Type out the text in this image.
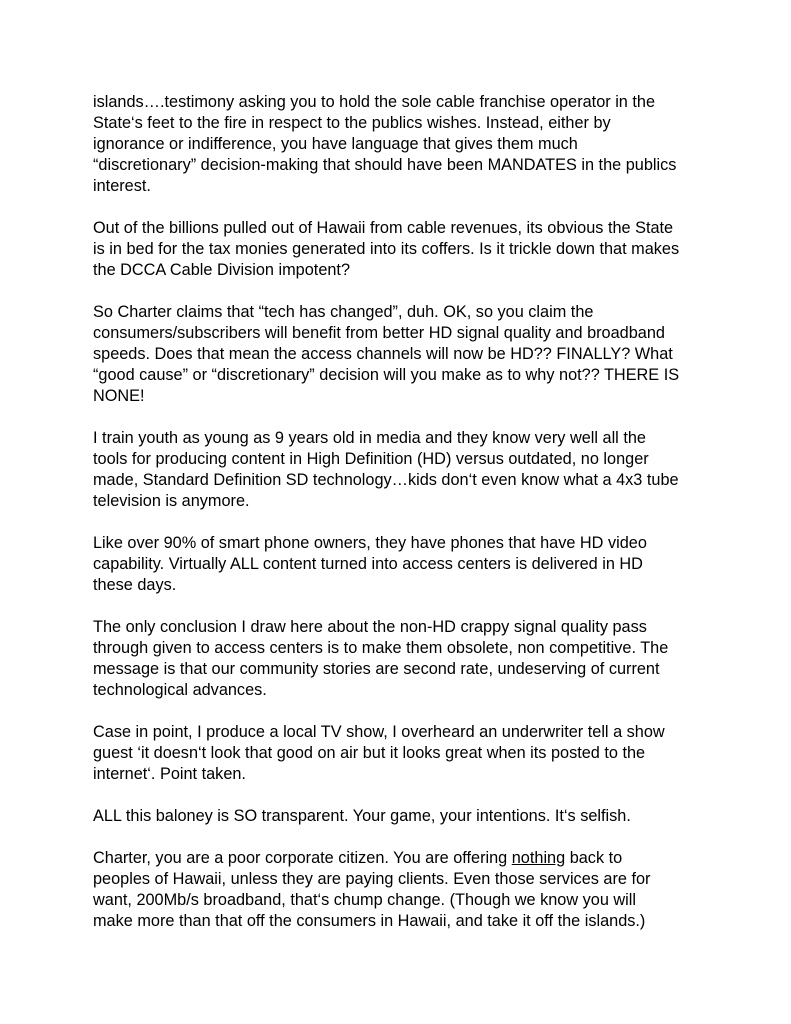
islands….testimony asking you to hold the sole cable franchise operator in the
State‘s feet to the fire in respect to the publics wishes. Instead, either by
ignorance or indifference, you have language that gives them much
“discretionary” decision-making that should have been MANDATES in the publics
interest.

Out of the billions pulled out of Hawaii from cable revenues, its obvious the State
is in bed for the tax monies generated into its coffers. Is it trickle down that makes
the DCCA Cable Division impotent?

So Charter claims that “tech has changed”, duh. OK, so you claim the
consumers/subscribers will benefit from better HD signal quality and broadband
speeds. Does that mean the access channels will now be HD?? FINALLY? What
“good cause” or “discretionary” decision will you make as to why not?? THERE IS
NONE!

I train youth as young as 9 years old in media and they know very well all the
tools for producing content in High Definition (HD) versus outdated, no longer
made, Standard Definition SD technology…kids don‘t even know what a 4x3 tube
television is anymore.

Like over 90% of smart phone owners, they have phones that have HD video
capability. Virtually ALL content turned into access centers is delivered in HD
these days.

The only conclusion I draw here about the non-HD crappy signal quality pass
through given to access centers is to make them obsolete, non competitive. The
message is that our community stories are second rate, undeserving of current
technological advances.

Case in point, I produce a local TV show, I overheard an underwriter tell a show
guest ‘it doesn‘t look that good on air but it looks great when its posted to the
internet‘. Point taken.

ALL this baloney is SO transparent. Your game, your intentions. It‘s selfish.

Charter, you are a poor corporate citizen. You are offering nothing back to
peoples of Hawaii, unless they are paying clients. Even those services are for
want, 200Mb/s broadband, that‘s chump change. (Though we know you will
make more than that off the consumers in Hawaii, and take it off the islands.)
